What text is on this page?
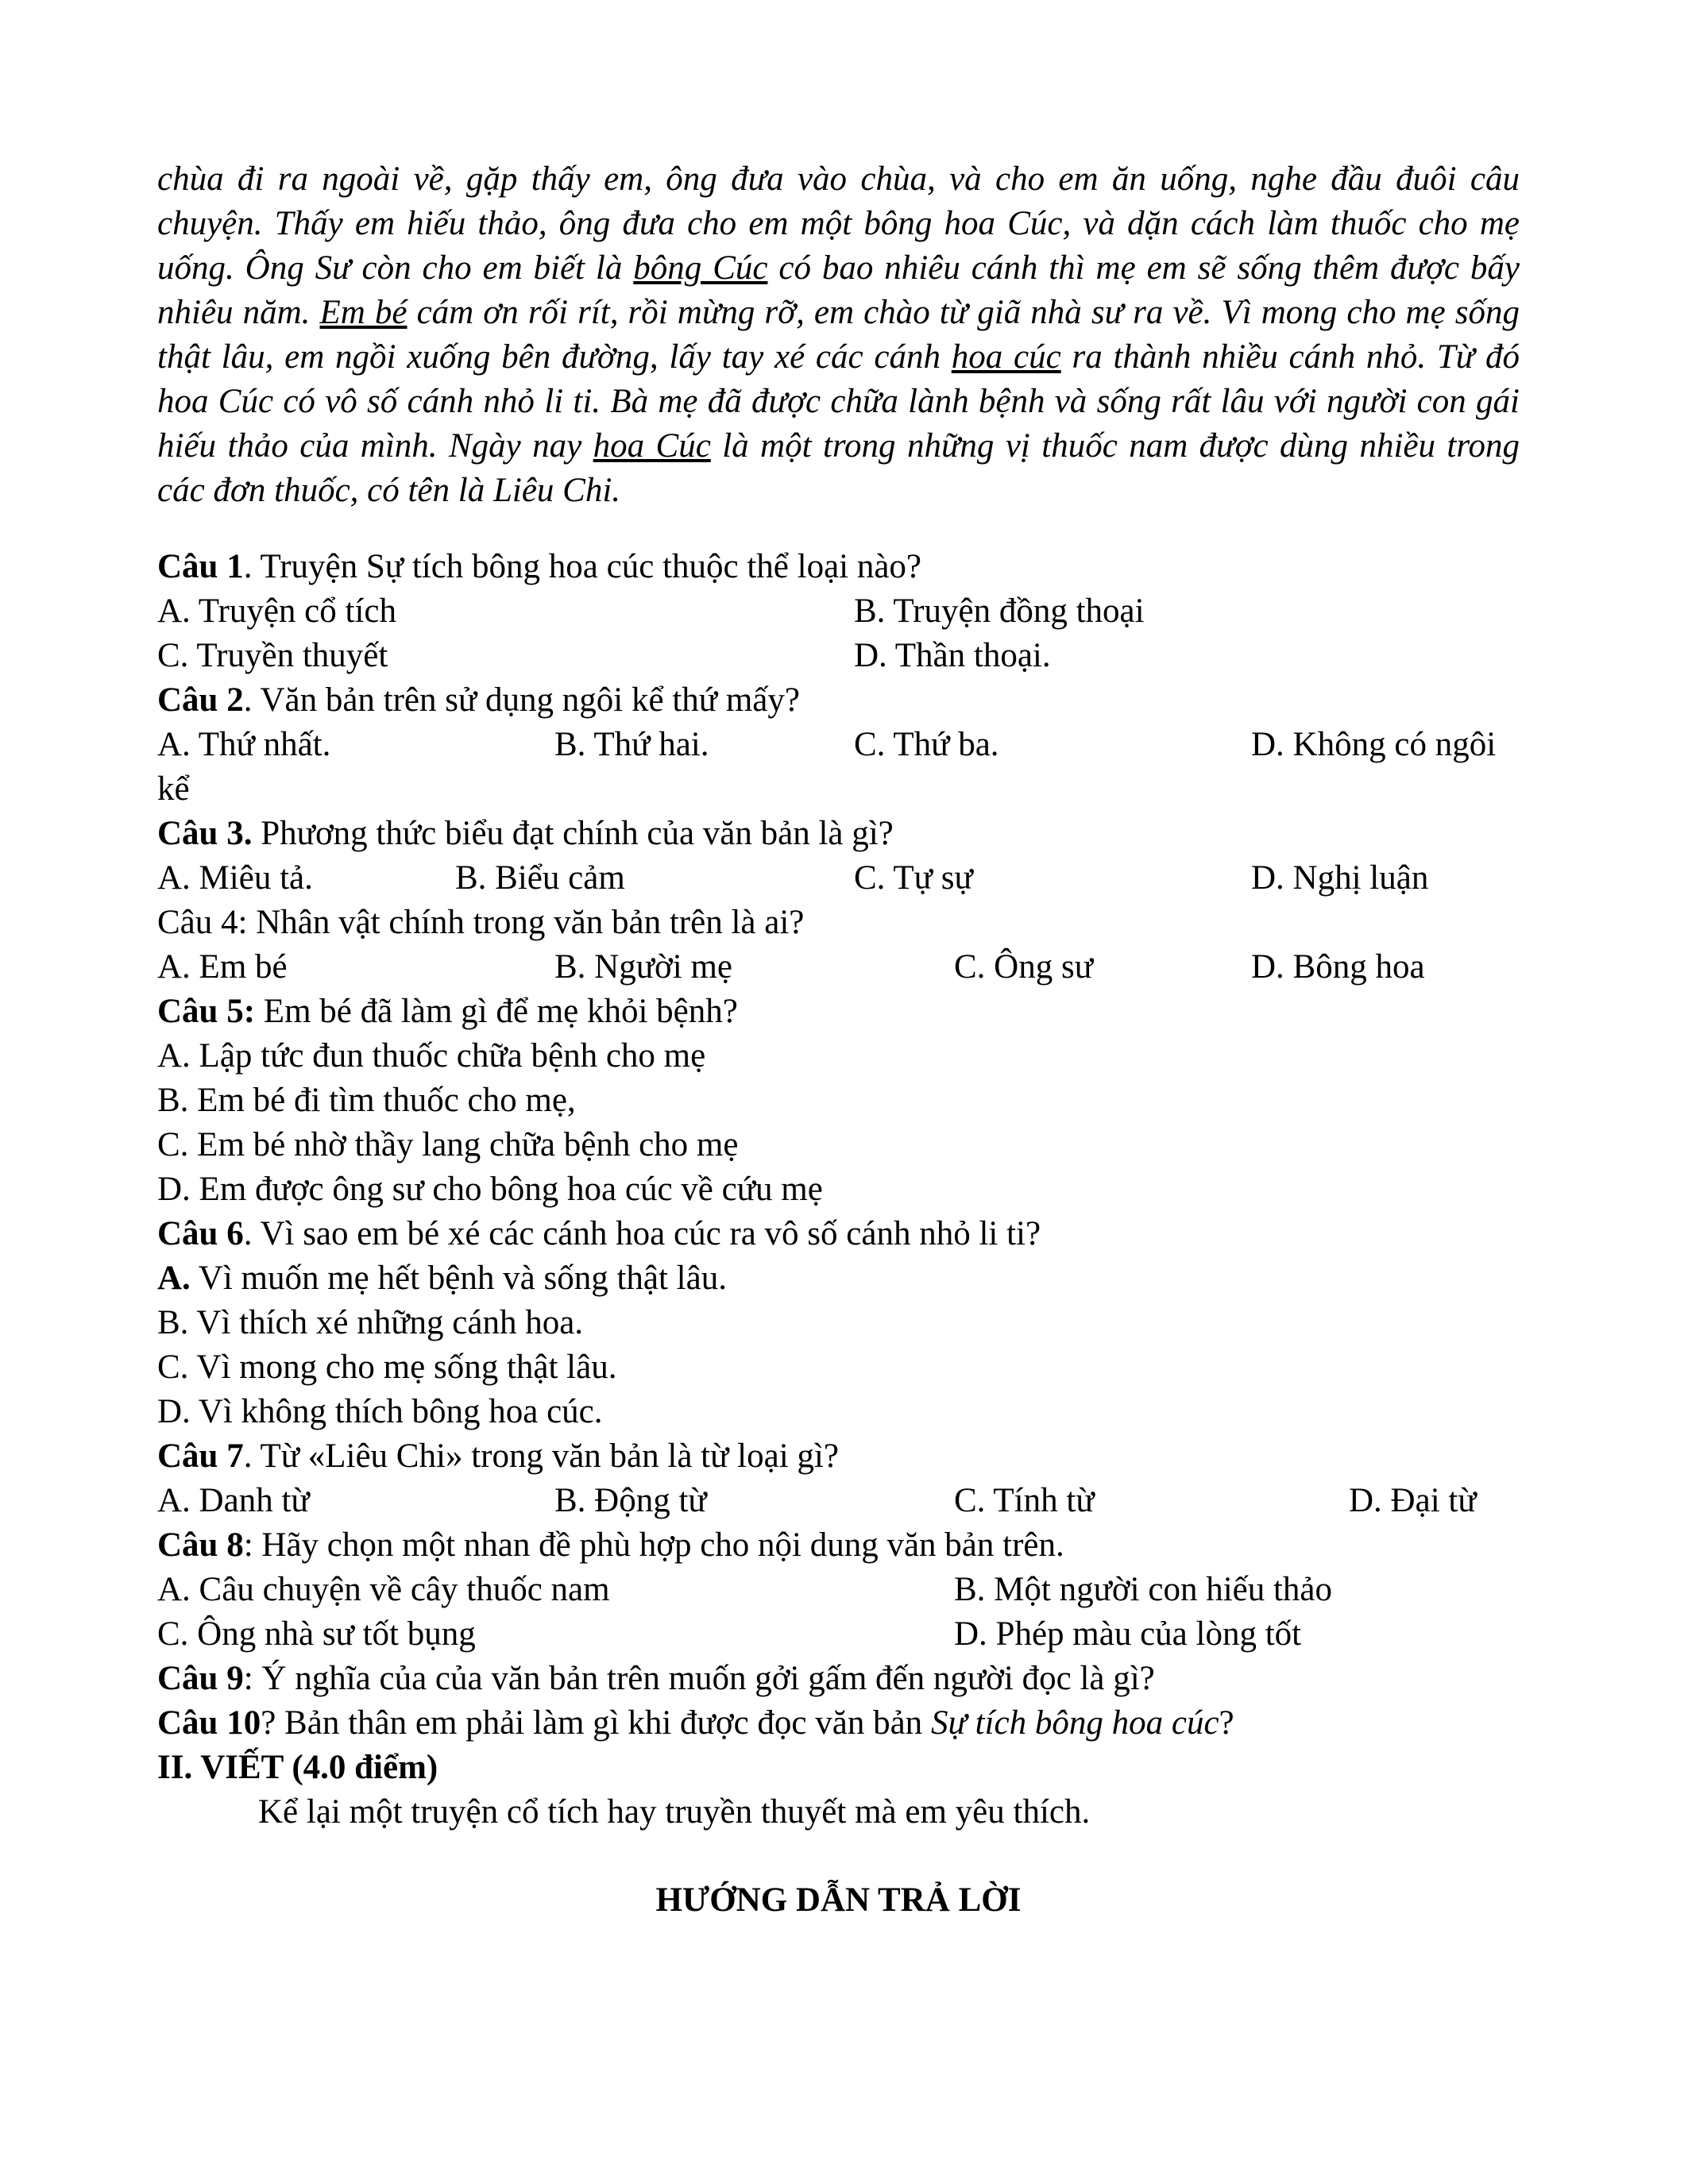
chùa đi ra ngoài về, gặp thấy em, ông đưa vào chùa, và cho em ăn uống, nghe đầu đuôi câu chuyện. Thấy em hiếu thảo, ông đưa cho em một bông hoa Cúc, và dặn cách làm thuốc cho mẹ uống. Ông Sư còn cho em biết là bông Cúc có bao nhiêu cánh thì mẹ em sẽ sống thêm được bấy nhiêu năm. Em bé cám ơn rối rít, rồi mừng rỡ, em chào từ giã nhà sư ra về. Vì mong cho mẹ sống thật lâu, em ngồi xuống bên đường, lấy tay xé các cánh hoa cúc ra thành nhiều cánh nhỏ. Từ đó hoa Cúc có vô số cánh nhỏ li ti. Bà mẹ đã được chữa lành bệnh và sống rất lâu với người con gái hiếu thảo của mình. Ngày nay hoa Cúc là một trong những vị thuốc nam được dùng nhiều trong các đơn thuốc, có tên là Liêu Chi.

Câu 1. Truyện Sự tích bông hoa cúc thuộc thể loại nào?
A. Truyện cổ tích	B. Truyện đồng thoại
C. Truyền thuyết	D. Thần thoại.
Câu 2. Văn bản trên sử dụng ngôi kể thứ mấy?
A. Thứ nhất.	B. Thứ hai.	C. Thứ ba.	D. Không có ngôi
kể
Câu 3. Phương thức biểu đạt chính của văn bản là gì?
A. Miêu tả.	B. Biểu cảm	C. Tự sự	D. Nghị luận
Câu 4: Nhân vật chính trong văn bản trên là ai?
A. Em bé	B. Người mẹ	C. Ông sư	D. Bông hoa
Câu 5: Em bé đã làm gì để mẹ khỏi bệnh?
A. Lập tức đun thuốc chữa bệnh cho mẹ
B. Em bé đi tìm thuốc cho mẹ,
C. Em bé nhờ thầy lang chữa bệnh cho mẹ
D. Em được ông sư cho bông hoa cúc về cứu mẹ
Câu 6. Vì sao em bé xé các cánh hoa cúc ra vô số cánh nhỏ li ti?
A. Vì muốn mẹ hết bệnh và sống thật lâu.
B. Vì thích xé những cánh hoa.
C. Vì mong cho mẹ sống thật lâu.
D. Vì không thích bông hoa cúc.
Câu 7. Từ «Liêu Chi» trong văn bản là từ loại gì?
A. Danh từ	B. Động từ	C. Tính từ	D. Đại từ
Câu 8: Hãy chọn một nhan đề phù hợp cho nội dung văn bản trên.
A. Câu chuyện về cây thuốc nam	B. Một người con hiếu thảo
C. Ông nhà sư tốt bụng	D. Phép màu của lòng tốt
Câu 9: Ý nghĩa của của văn bản trên muốn gởi gấm đến người đọc là gì?
Câu 10? Bản thân em phải làm gì khi được đọc văn bản Sự tích bông hoa cúc?
II. VIẾT (4.0 điểm)
Kể lại một truyện cổ tích hay truyền thuyết mà em yêu thích.
HƯỚNG DẪN TRẢ LỜI
